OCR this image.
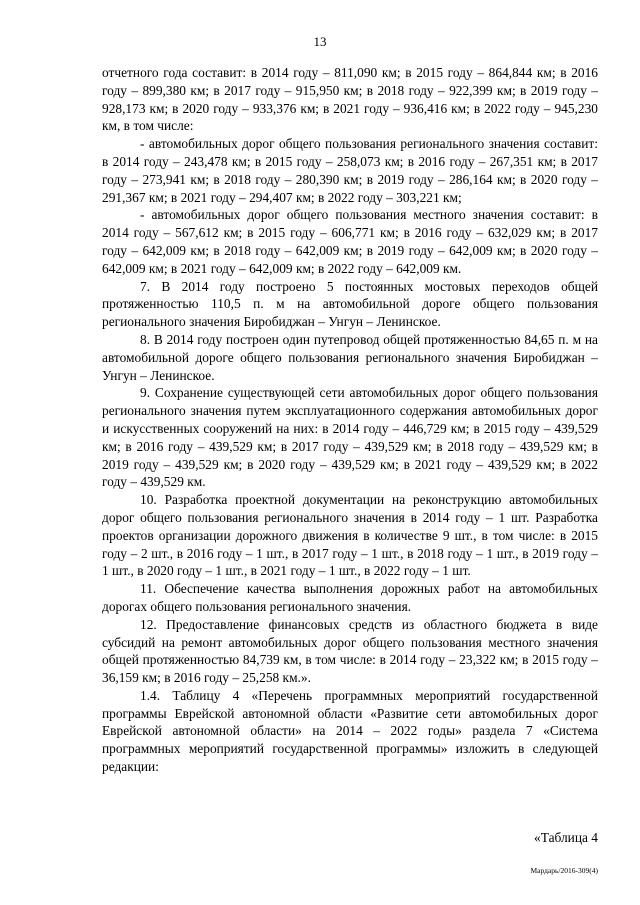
13

отчетного года составит: в 2014 году – 811,090 км; в 2015 году – 864,844 км; в 2016 году – 899,380 км; в 2017 году – 915,950 км; в 2018 году – 922,399 км; в 2019 году – 928,173 км; в 2020 году – 933,376 км; в 2021 году – 936,416 км; в 2022 году – 945,230 км, в том числе:

- автомобильных дорог общего пользования регионального значения составит: в 2014 году – 243,478 км; в 2015 году – 258,073 км; в 2016 году – 267,351 км; в 2017 году – 273,941 км; в 2018 году – 280,390 км; в 2019 году – 286,164 км; в 2020 году – 291,367 км; в 2021 году – 294,407 км; в 2022 году – 303,221 км;

- автомобильных дорог общего пользования местного значения составит: в 2014 году – 567,612 км; в 2015 году – 606,771 км; в 2016 году – 632,029 км; в 2017 году – 642,009 км; в 2018 году – 642,009 км; в 2019 году – 642,009 км; в 2020 году – 642,009 км; в 2021 году – 642,009 км; в 2022 году – 642,009 км.

7. В 2014 году построено 5 постоянных мостовых переходов общей протяженностью 110,5 п. м на автомобильной дороге общего пользования регионального значения Биробиджан – Унгун – Ленинское.

8. В 2014 году построен один путепровод общей протяженностью 84,65 п. м на автомобильной дороге общего пользования регионального значения Биробиджан – Унгун – Ленинское.

9. Сохранение существующей сети автомобильных дорог общего пользования регионального значения путем эксплуатационного содержания автомобильных дорог и искусственных сооружений на них: в 2014 году – 446,729 км; в 2015 году – 439,529 км; в 2016 году – 439,529 км; в 2017 году – 439,529 км; в 2018 году – 439,529 км; в 2019 году – 439,529 км; в 2020 году – 439,529 км; в 2021 году – 439,529 км; в 2022 году – 439,529 км.

10. Разработка проектной документации на реконструкцию автомобильных дорог общего пользования регионального значения в 2014 году – 1 шт. Разработка проектов организации дорожного движения в количестве 9 шт., в том числе: в 2015 году – 2 шт., в 2016 году – 1 шт., в 2017 году – 1 шт., в 2018 году – 1 шт., в 2019 году – 1 шт., в 2020 году – 1 шт., в 2021 году – 1 шт., в 2022 году – 1 шт.

11. Обеспечение качества выполнения дорожных работ на автомобильных дорогах общего пользования регионального значения.

12. Предоставление финансовых средств из областного бюджета в виде субсидий на ремонт автомобильных дорог общего пользования местного значения общей протяженностью 84,739 км, в том числе: в 2014 году – 23,322 км; в 2015 году – 36,159 км; в 2016 году – 25,258 км.».

1.4. Таблицу 4 «Перечень программных мероприятий государственной программы Еврейской автономной области «Развитие сети автомобильных дорог Еврейской автономной области» на 2014 – 2022 годы» раздела 7 «Система программных мероприятий государственной программы» изложить в следующей редакции:

«Таблица 4
Мардарь/2016-309(4)
